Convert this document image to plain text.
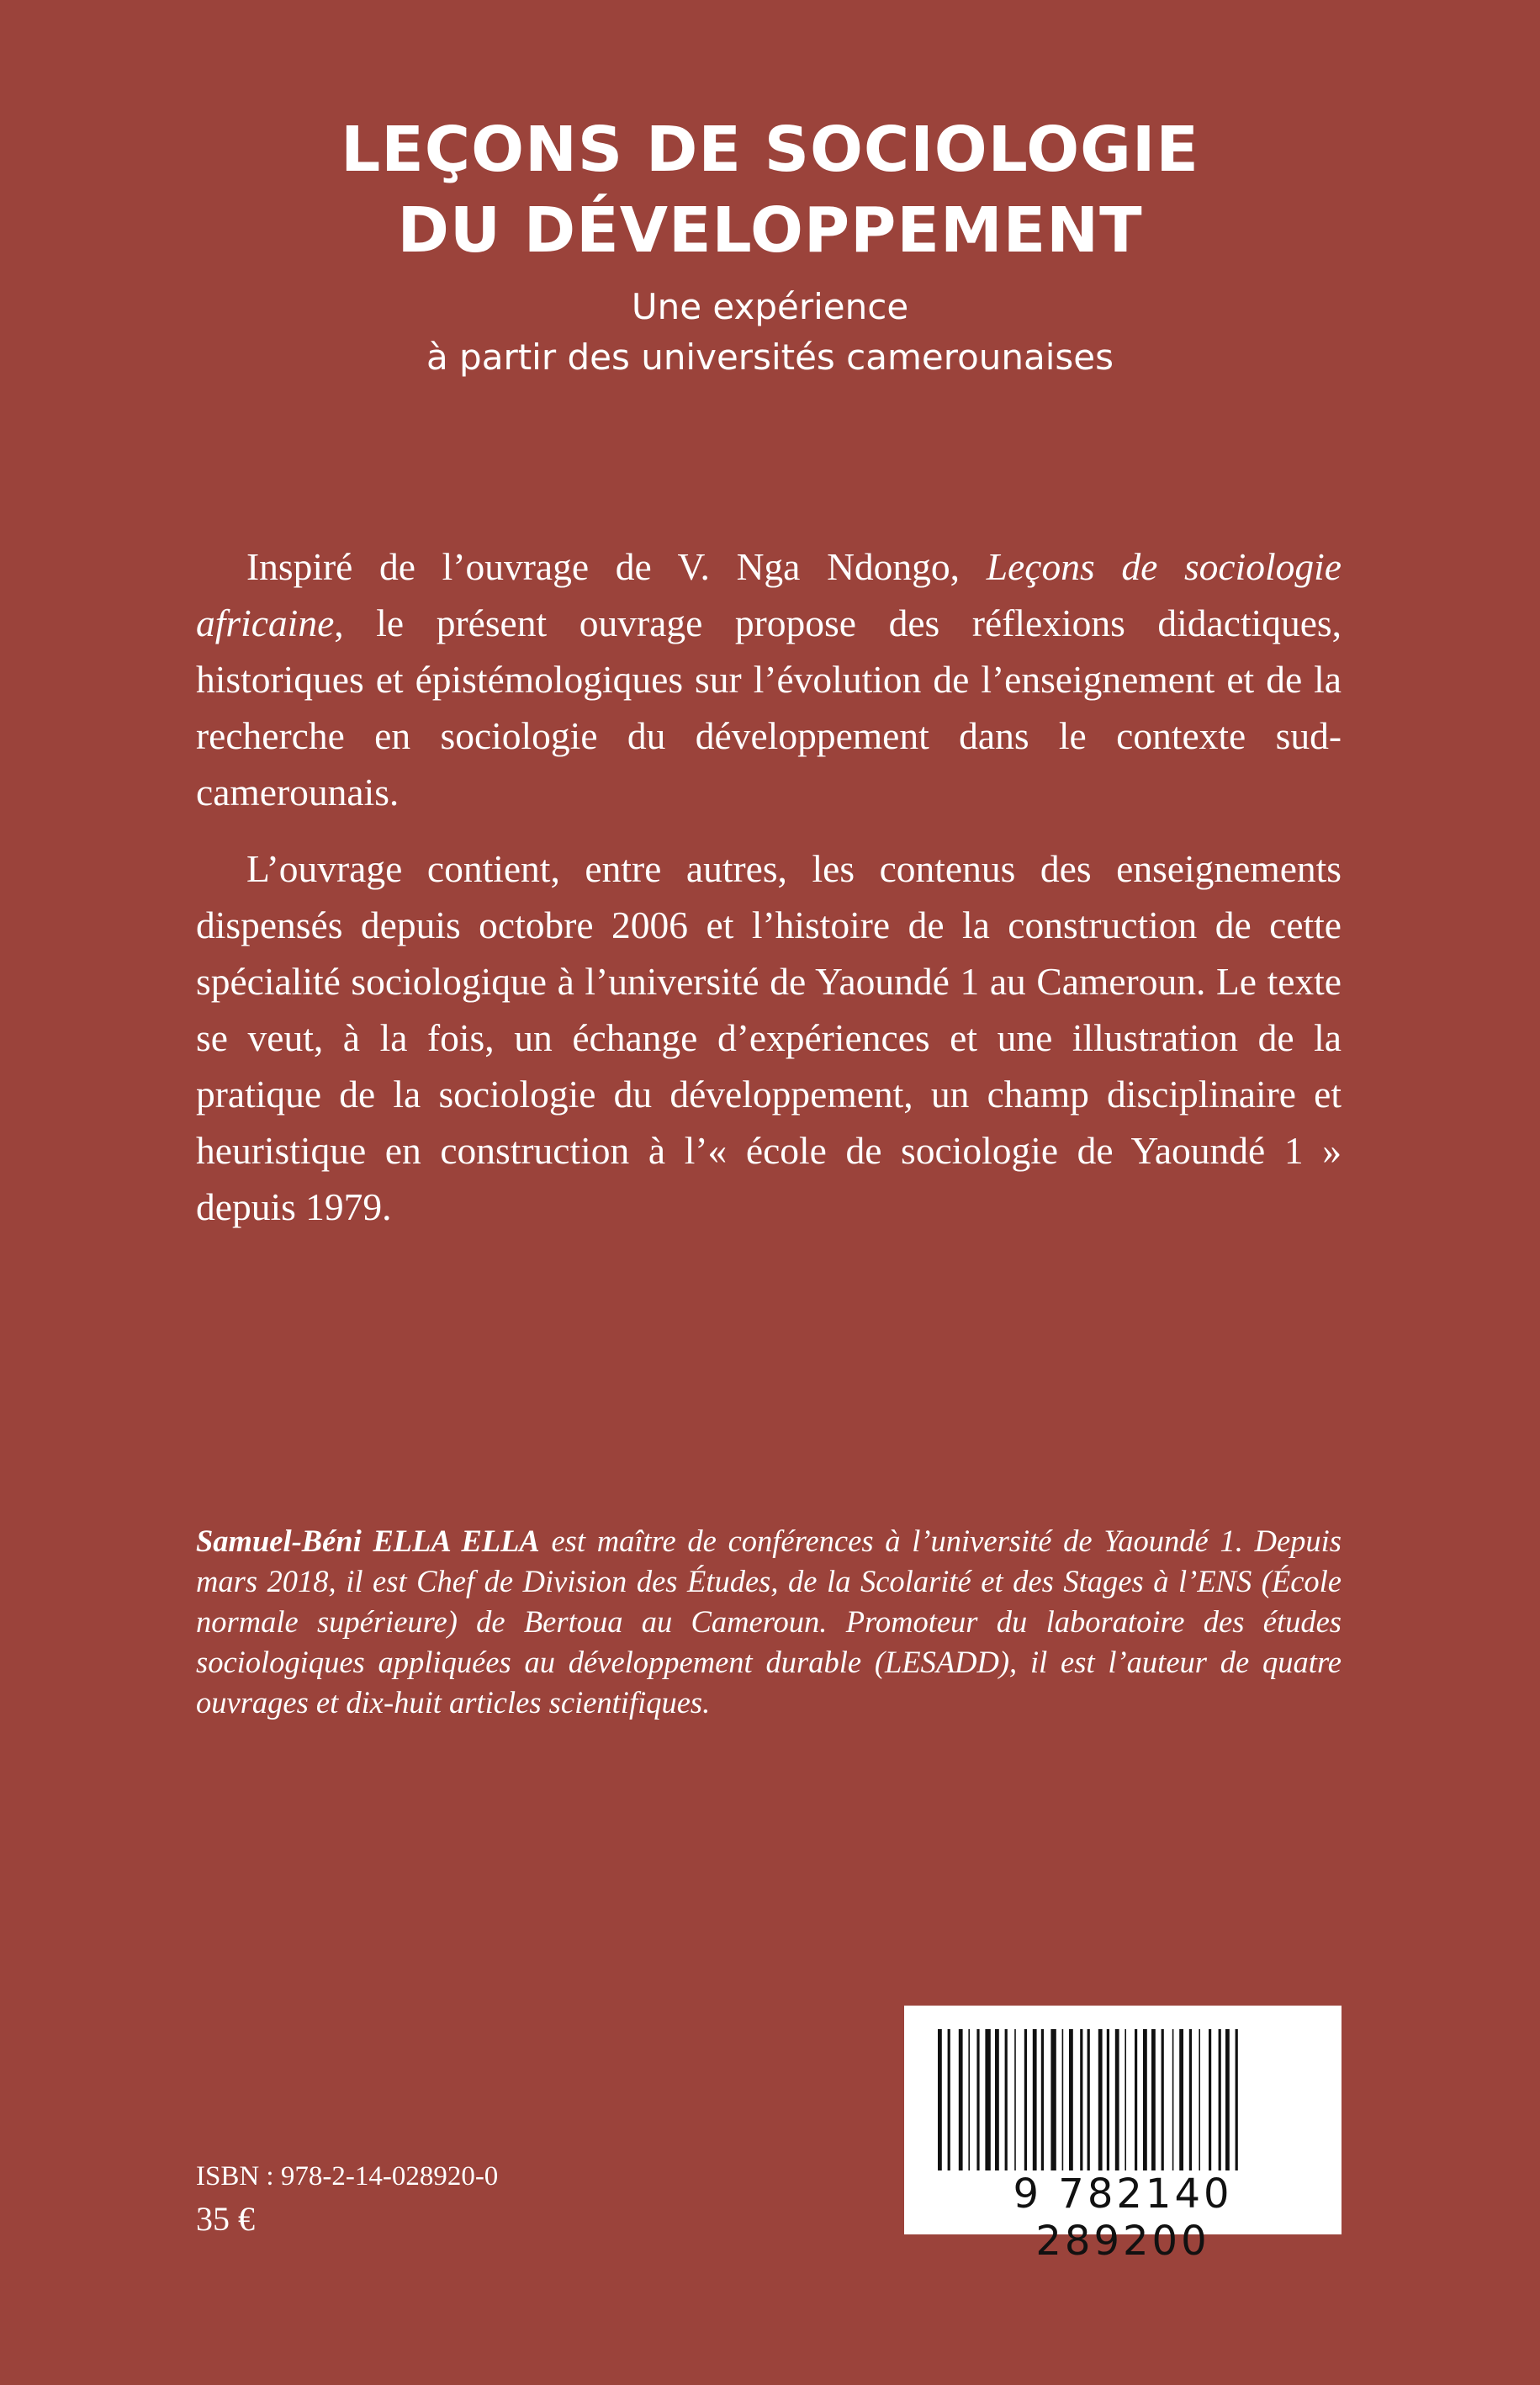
LEÇONS DE SOCIOLOGIE
DU DÉVELOPPEMENT
Une expérience
à partir des universités camerounaises

Inspiré de l’ouvrage de V. Nga Ndongo, Leçons de sociologie africaine, le présent ouvrage propose des réflexions didactiques, historiques et épistémologiques sur l’évolution de l’enseignement et de la recherche en sociologie du développement dans le contexte sud-camerounais.

L’ouvrage contient, entre autres, les contenus des enseignements dispensés depuis octobre 2006 et l’histoire de la construction de cette spécialité sociologique à l’université de Yaoundé 1 au Cameroun. Le texte se veut, à la fois, un échange d’expériences et une illustration de la pratique de la sociologie du développement, un champ disciplinaire et heuristique en construction à l’« école de sociologie de Yaoundé 1 » depuis 1979.

Samuel-Béni ELLA ELLA est maître de conférences à l’université de Yaoundé 1. Depuis mars 2018, il est Chef de Division des Études, de la Scolarité et des Stages à l’ENS (École normale supérieure) de Bertoua au Cameroun. Promoteur du laboratoire des études sociologiques appliquées au développement durable (LESADD), il est l’auteur de quatre ouvrages et dix-huit articles scientifiques.
ISBN : 978-2-14-028920-0
35 €
9 782140 289200
